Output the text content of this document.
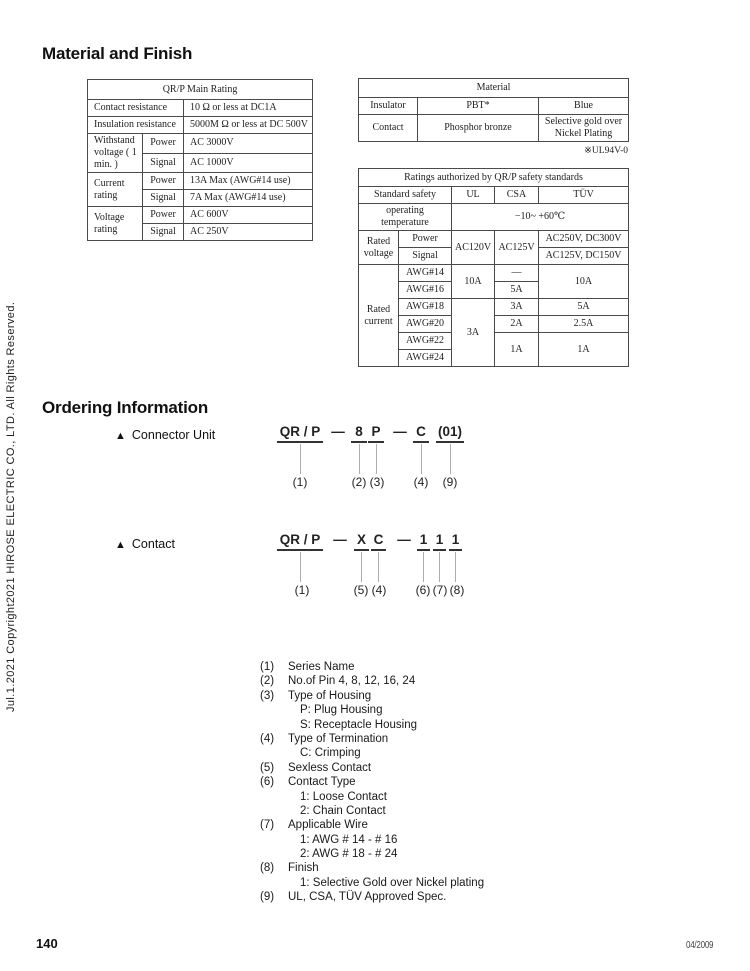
Jul.1.2021 Copyright2021 HIROSE ELECTRIC CO., LTD. All Rights Reserved.
Material and Finish
QR/P Main Rating		
Contact resistance		10 Ω or less at DC1A
Insulation resistance		5000M Ω or less at DC 500V
Withstand voltage ( 1 min. )	Power	AC 3000V
	Signal	AC 1000V
Current rating	Power	13A Max (AWG#14 use)
	Signal	7A Max (AWG#14 use)
Voltage rating	Power	AC 600V
	Signal	AC 250V
Material		
Insulator	PBT*	Blue
Contact	Phosphor bronze	Selective gold over Nickel Plating
※UL94V-0
Ratings authorized by QR/P safety standards				
Standard safety		UL	CSA	TÜV
operating temperature		−10~ +60℃		
Rated voltage	Power	AC120V	AC125V	AC250V, DC300V
	Signal			AC125V, DC150V
Rated current	AWG#14	10A	—	10A
	AWG#16		5A	
	AWG#18	3A	3A	5A
	AWG#20		2A	2.5A
	AWG#22		1A	1A
	AWG#24			
Ordering Information
▲ Connector Unit	QR / P — 8 P — C (01)
(1)	(2) (3) (4) (9)
▲ Contact	QR / P — X C — 1 1 1
(1)	(5) (4) (6) (7) (8)
(1) Series Name
(2) No.of Pin 4, 8, 12, 16, 24
(3) Type of Housing
P: Plug Housing
S: Receptacle Housing
(4) Type of Termination
C: Crimping
(5) Sexless Contact
(6) Contact Type
1: Loose Contact
2: Chain Contact
(7) Applicable Wire
1: AWG # 14 - # 16
2: AWG # 18 - # 24
(8) Finish
1: Selective Gold over Nickel plating
(9) UL, CSA, TÜV Approved Spec.
140	04/2009
